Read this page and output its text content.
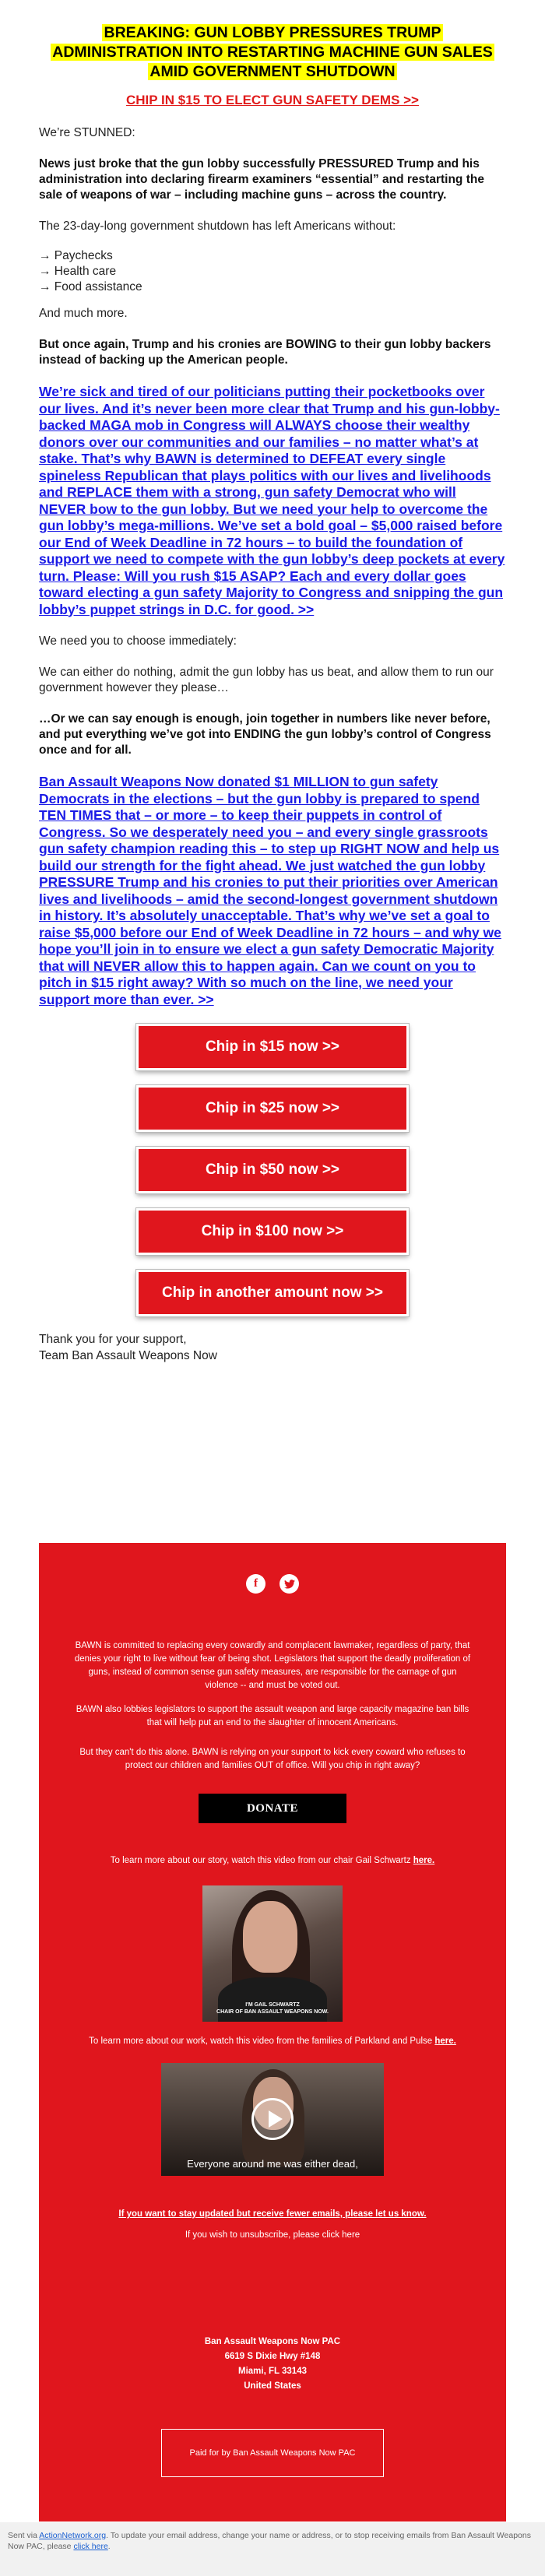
BREAKING: GUN LOBBY PRESSURES TRUMP
ADMINISTRATION INTO RESTARTING MACHINE GUN SALES
AMID GOVERNMENT SHUTDOWN
CHIP IN $15 TO ELECT GUN SAFETY DEMS >>

We’re STUNNED:

News just broke that the gun lobby successfully PRESSURED Trump and his administration into declaring firearm examiners “essential” and restarting the sale of weapons of war – including machine guns – across the country.

The 23-day-long government shutdown has left Americans without:

→ Paychecks
→ Health care
→ Food assistance

And much more.

But once again, Trump and his cronies are BOWING to their gun lobby backers instead of backing up the American people.

We’re sick and tired of our politicians putting their pocketbooks over our lives. And it’s never been more clear that Trump and his gun-lobby-backed MAGA mob in Congress will ALWAYS choose their wealthy donors over our communities and our families – no matter what’s at stake. That’s why BAWN is determined to DEFEAT every single spineless Republican that plays politics with our lives and livelihoods and REPLACE them with a strong, gun safety Democrat who will NEVER bow to the gun lobby. But we need your help to overcome the gun lobby’s mega-millions. We’ve set a bold goal – $5,000 raised before our End of Week Deadline in 72 hours – to build the foundation of support we need to compete with the gun lobby’s deep pockets at every turn. Please: Will you rush $15 ASAP? Each and every dollar goes toward electing a gun safety Majority to Congress and snipping the gun lobby’s puppet strings in D.C. for good. >>

We need you to choose immediately:

We can either do nothing, admit the gun lobby has us beat, and allow them to run our government however they please…

…Or we can say enough is enough, join together in numbers like never before, and put everything we’ve got into ENDING the gun lobby’s control of Congress once and for all.

Ban Assault Weapons Now donated $1 MILLION to gun safety Democrats in the elections – but the gun lobby is prepared to spend TEN TIMES that – or more – to keep their puppets in control of Congress. So we desperately need you – and every single grassroots gun safety champion reading this – to step up RIGHT NOW and help us build our strength for the fight ahead. We just watched the gun lobby PRESSURE Trump and his cronies to put their priorities over American lives and livelihoods – amid the second-longest government shutdown in history. It’s absolutely unacceptable. That’s why we’ve set a goal to raise $5,000 before our End of Week Deadline in 72 hours – and why we hope you’ll join in to ensure we elect a gun safety Democratic Majority that will NEVER allow this to happen again. Can we count on you to pitch in $15 right away? With so much on the line, we need your support more than ever. >>
Chip in $15 now >>
Chip in $25 now >>
Chip in $50 now >>
Chip in $100 now >>
Chip in another amount now >>
Thank you for your support,
Team Ban Assault Weapons Now
f
BAWN is committed to replacing every cowardly and complacent lawmaker, regardless of party, that denies your right to live without fear of being shot. Legislators that support the deadly proliferation of guns, instead of common sense gun safety measures, are responsible for the carnage of gun violence -- and must be voted out.
BAWN also lobbies legislators to support the assault weapon and large capacity magazine ban bills that will help put an end to the slaughter of innocent Americans.
But they can't do this alone. BAWN is relying on your support to kick every coward who refuses to protect our children and families OUT of office. Will you chip in right away?
DONATE
To learn more about our story, watch this video from our chair Gail Schwartz here.
I'M GAIL SCHWARTZ
CHAIR OF BAN ASSAULT WEAPONS NOW.
To learn more about our work, watch this video from the families of Parkland and Pulse here.
Everyone around me was either dead,
If you want to stay updated but receive fewer emails, please let us know.
If you wish to unsubscribe, please click here
Ban Assault Weapons Now PAC
6619 S Dixie Hwy #148
Miami, FL 33143
United States
Paid for by Ban Assault Weapons Now PAC
Sent via ActionNetwork.org. To update your email address, change your name or address, or to stop receiving emails from Ban Assault Weapons Now PAC, please click here.
